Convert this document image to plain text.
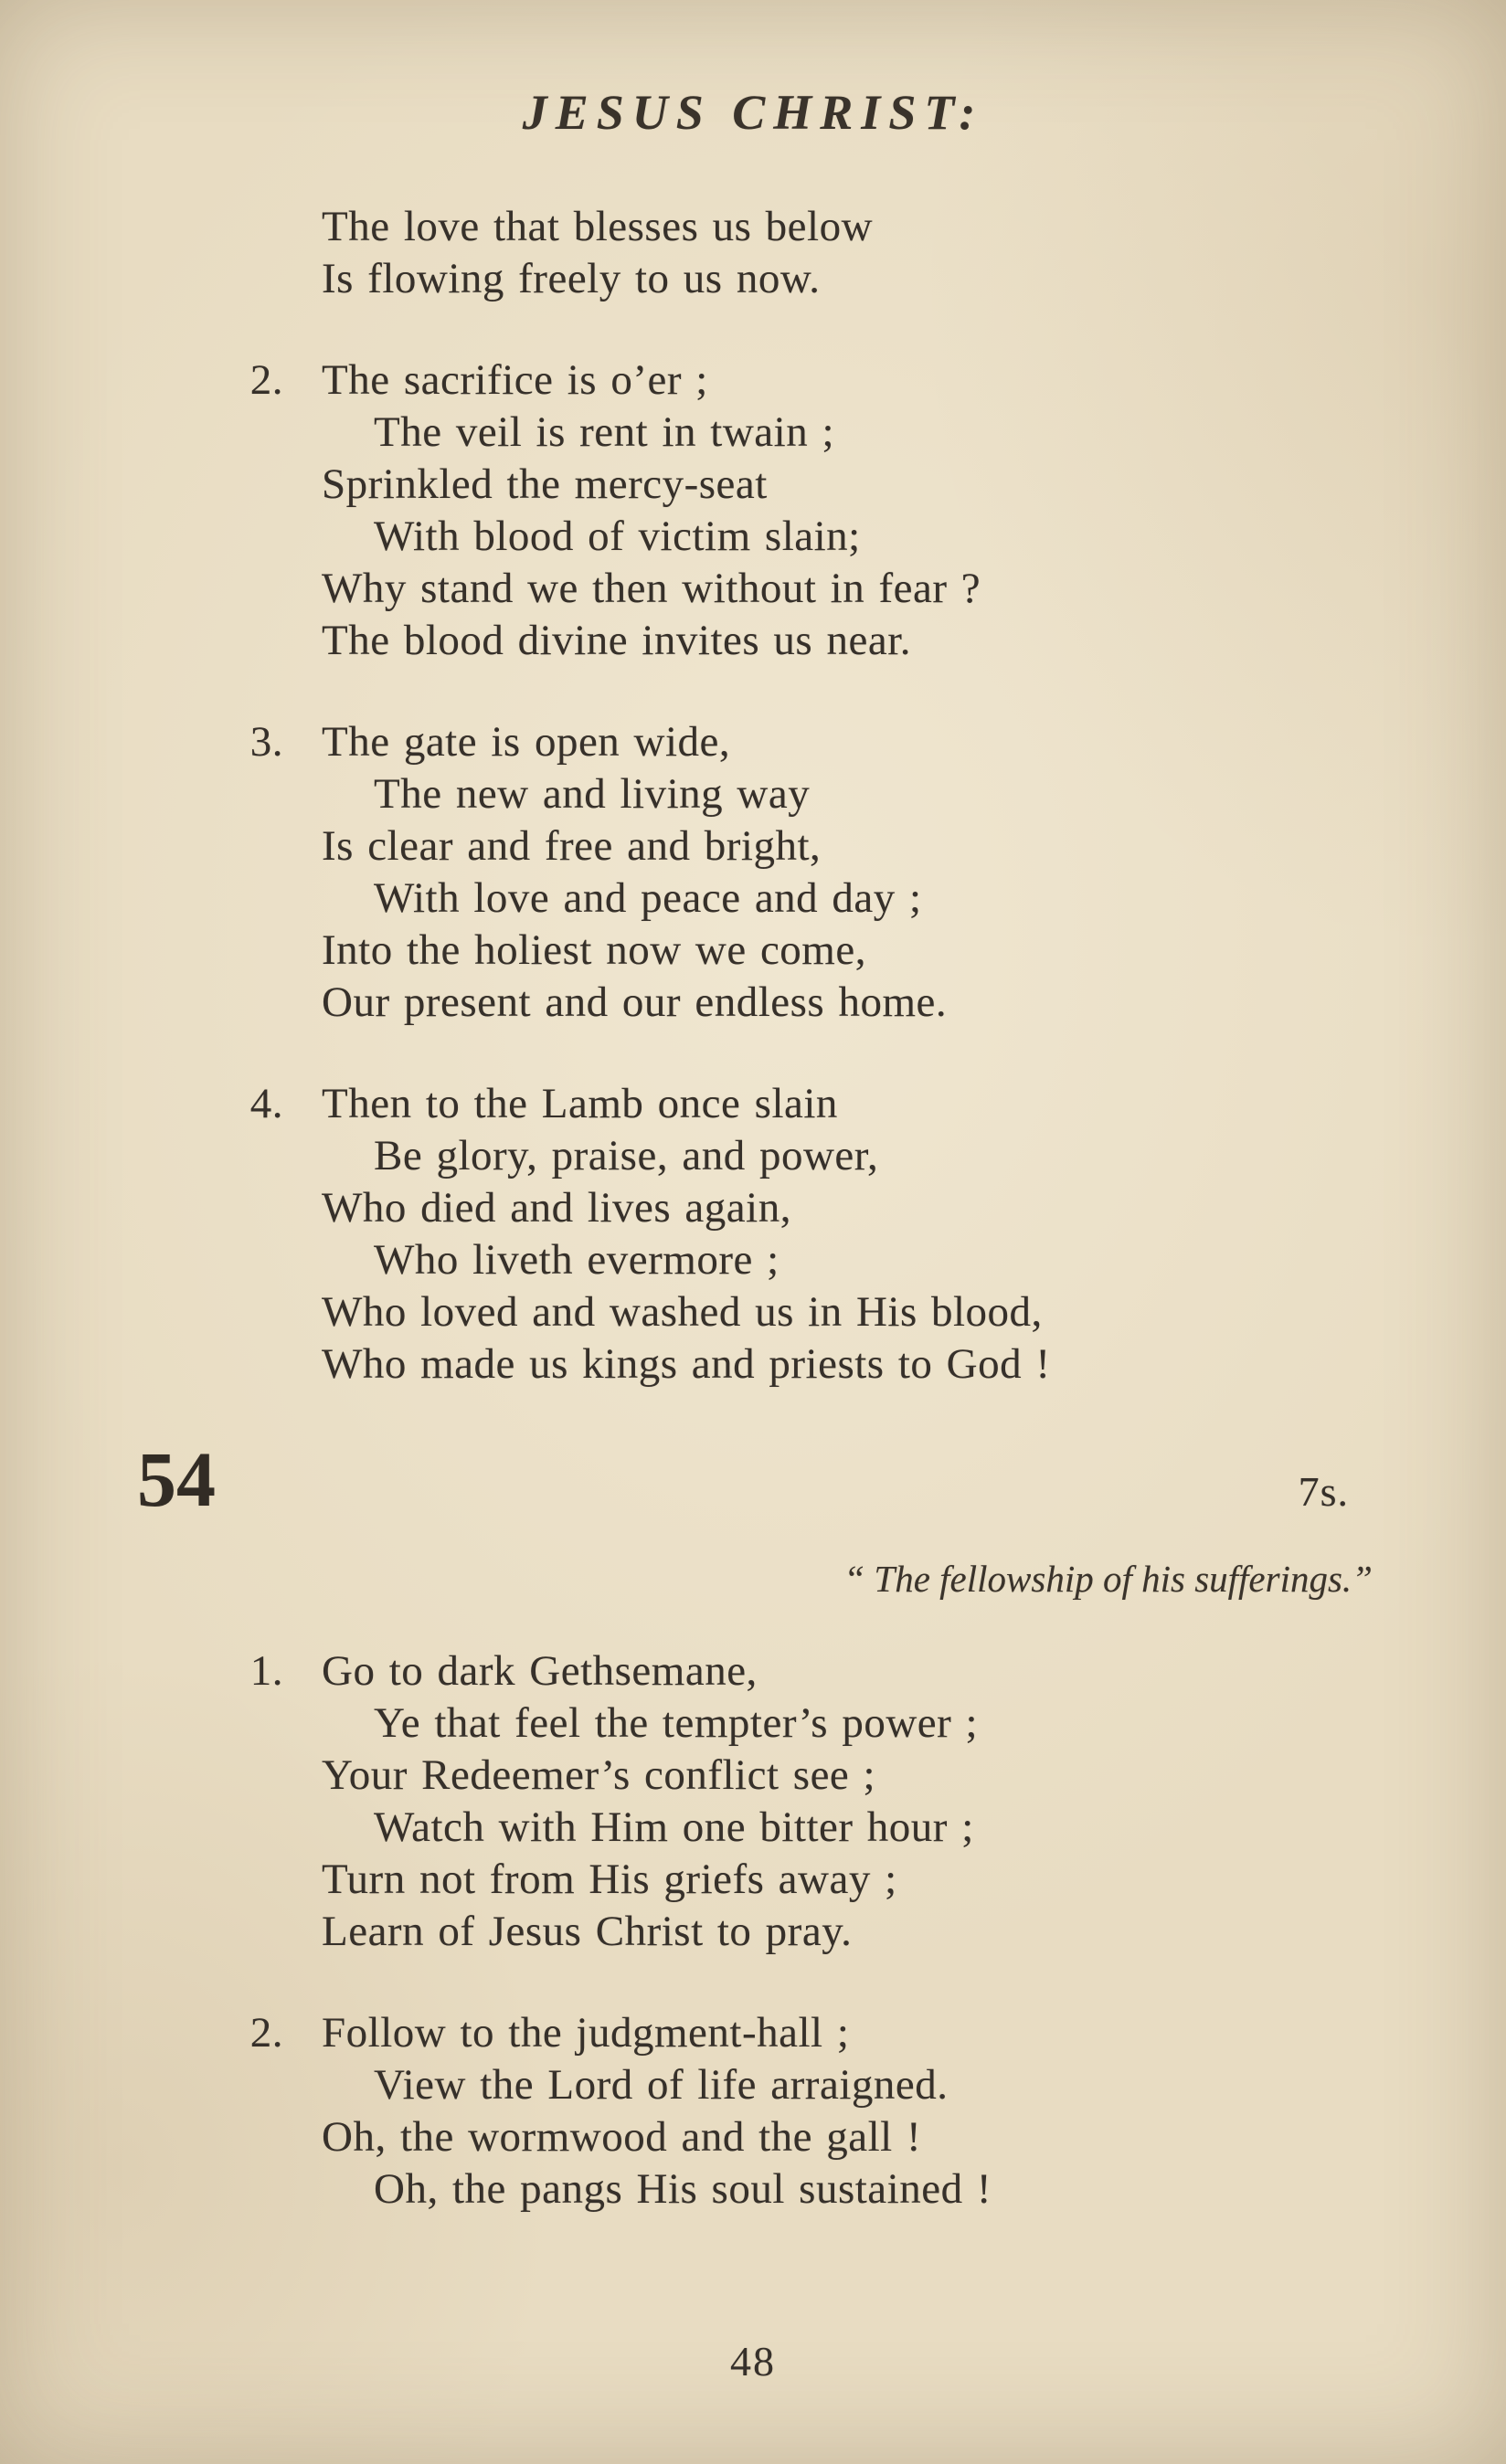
JESUS CHRIST:
The love that blesses us below
Is flowing freely to us now.
2. The sacrifice is o’er ;
The veil is rent in twain ;
Sprinkled the mercy-seat
With blood of victim slain;
Why stand we then without in fear ?
The blood divine invites us near.
3. The gate is open wide,
The new and living way
Is clear and free and bright,
With love and peace and day ;
Into the holiest now we come,
Our present and our endless home.
4. Then to the Lamb once slain
Be glory, praise, and power,
Who died and lives again,
Who liveth evermore ;
Who loved and washed us in His blood,
Who made us kings and priests to God !
54	7s.
“ The fellowship of his sufferings.”
1. Go to dark Gethsemane,
Ye that feel the tempter’s power ;
Your Redeemer’s conflict see ;
Watch with Him one bitter hour ;
Turn not from His griefs away ;
Learn of Jesus Christ to pray.
2. Follow to the judgment-hall ;
View the Lord of life arraigned.
Oh, the wormwood and the gall !
Oh, the pangs His soul sustained !
48
